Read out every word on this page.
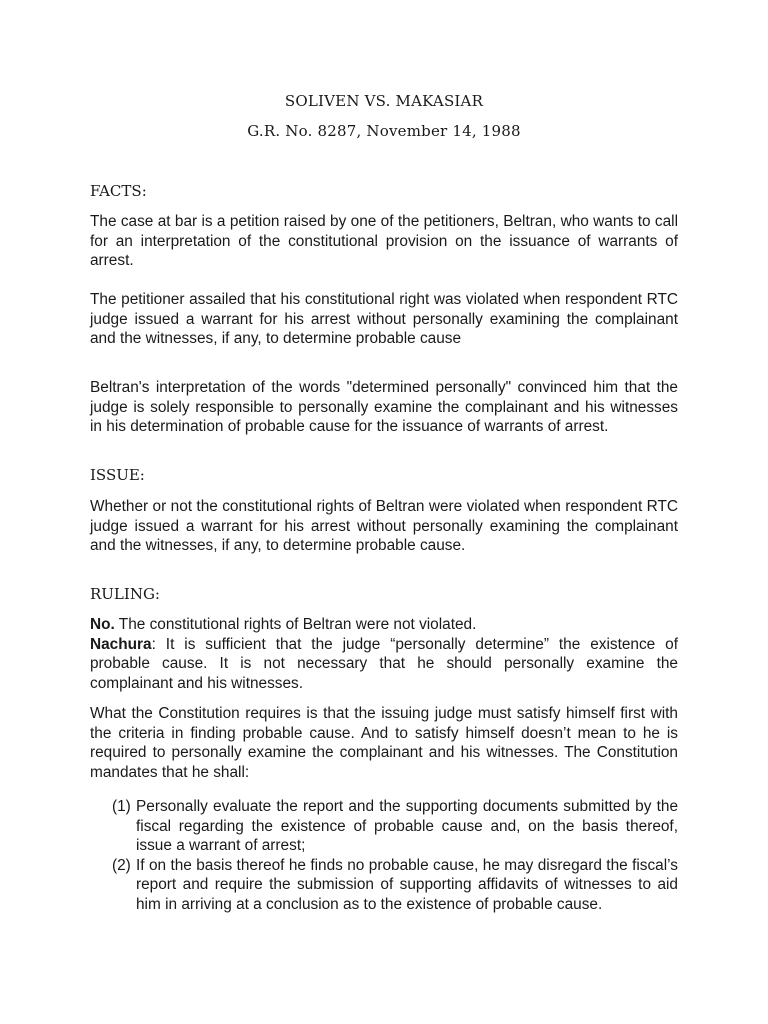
SOLIVEN VS. MAKASIAR
G.R. No. 8287, November 14, 1988

FACTS:

The case at bar is a petition raised by one of the petitioners, Beltran, who wants to call for an interpretation of the constitutional provision on the issuance of warrants of arrest.

The petitioner assailed that his constitutional right was violated when respondent RTC judge issued a warrant for his arrest without personally examining the complainant and the witnesses, if any, to determine probable cause

Beltran's interpretation of the words "determined personally" convinced him that the judge is solely responsible to personally examine the complainant and his witnesses in his determination of probable cause for the issuance of warrants of arrest.

ISSUE:

Whether or not the constitutional rights of Beltran were violated when respondent RTC judge issued a warrant for his arrest without personally examining the complainant and the witnesses, if any, to determine probable cause.

RULING:

No. The constitutional rights of Beltran were not violated.

Nachura: It is sufficient that the judge “personally determine” the existence of probable cause. It is not necessary that he should personally examine the complainant and his witnesses.

What the Constitution requires is that the issuing judge must satisfy himself first with the criteria in finding probable cause. And to satisfy himself doesn’t mean to he is required to personally examine the complainant and his witnesses. The Constitution mandates that he shall:

(1) Personally evaluate the report and the supporting documents submitted by the fiscal regarding the existence of probable cause and, on the basis thereof, issue a warrant of arrest;

(2) If on the basis thereof he finds no probable cause, he may disregard the fiscal’s report and require the submission of supporting affidavits of witnesses to aid him in arriving at a conclusion as to the existence of probable cause.
